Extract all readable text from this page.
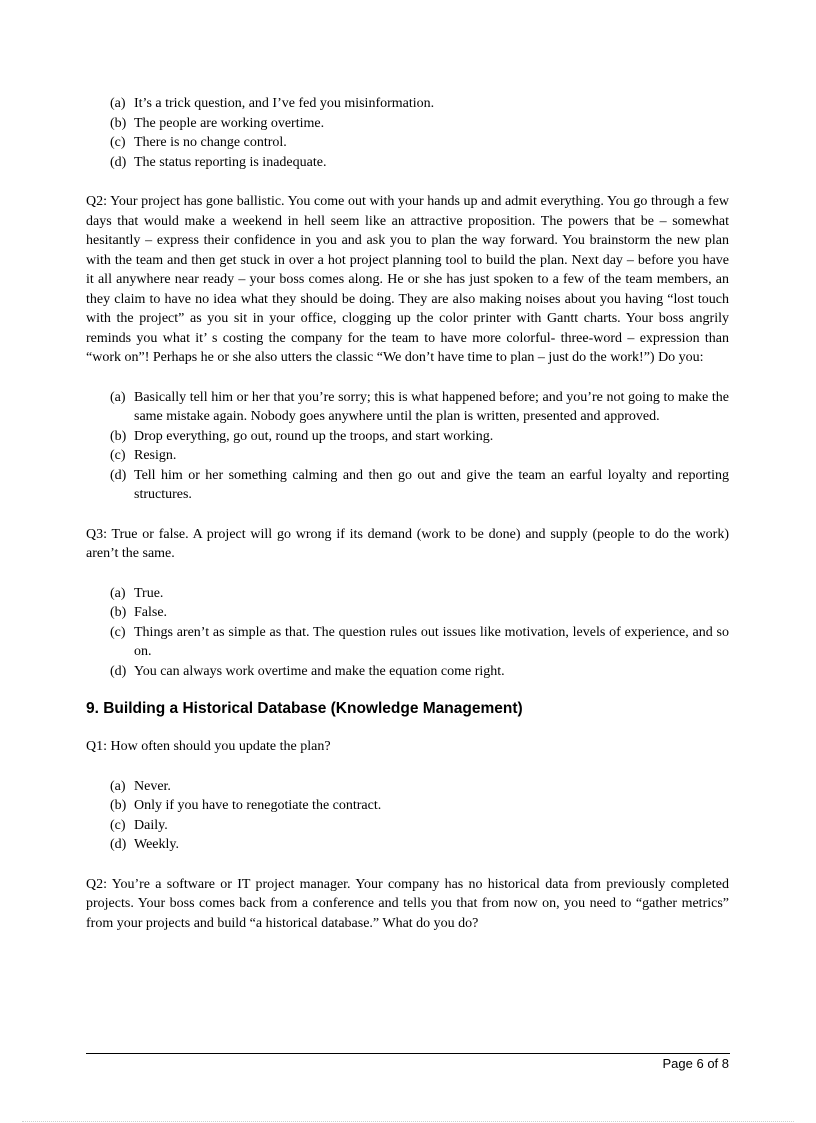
(a) It’s a trick question, and I’ve fed you misinformation.
(b) The people are working overtime.
(c) There is no change control.
(d) The status reporting is inadequate.

Q2: Your project has gone ballistic. You come out with your hands up and admit everything. You go through a few days that would make a weekend in hell seem like an attractive proposition. The powers that be – somewhat hesitantly – express their confidence in you and ask you to plan the way forward. You brainstorm the new plan with the team and then get stuck in over a hot project planning tool to build the plan. Next day – before you have it all anywhere near ready – your boss comes along. He or she has just spoken to a few of the team members, an they claim to have no idea what they should be doing. They are also making noises about you having “lost touch with the project” as you sit in your office, clogging up the color printer with Gantt charts. Your boss angrily reminds you what it’ s costing the company for the team to have more colorful- three-word – expression than “work on”! Perhaps he or she also utters the classic “We don’t have time to plan – just do the work!”) Do you:

(a) Basically tell him or her that you’re sorry; this is what happened before; and you’re not going to make the same mistake again. Nobody goes anywhere until the plan is written, presented and approved.
(b) Drop everything, go out, round up the troops, and start working.
(c) Resign.
(d) Tell him or her something calming and then go out and give the team an earful loyalty and reporting structures.

Q3: True or false. A project will go wrong if its demand (work to be done) and supply (people to do the work) aren’t the same.

(a) True.
(b) False.
(c) Things aren’t as simple as that. The question rules out issues like motivation, levels of experience, and so on.
(d) You can always work overtime and make the equation come right.
9. Building a Historical Database (Knowledge Management)

Q1: How often should you update the plan?

(a) Never.
(b) Only if you have to renegotiate the contract.
(c) Daily.
(d) Weekly.

Q2: You’re a software or IT project manager. Your company has no historical data from previously completed projects. Your boss comes back from a conference and tells you that from now on, you need to “gather metrics” from your projects and build “a historical database.” What do you do?

Page 6 of 8
